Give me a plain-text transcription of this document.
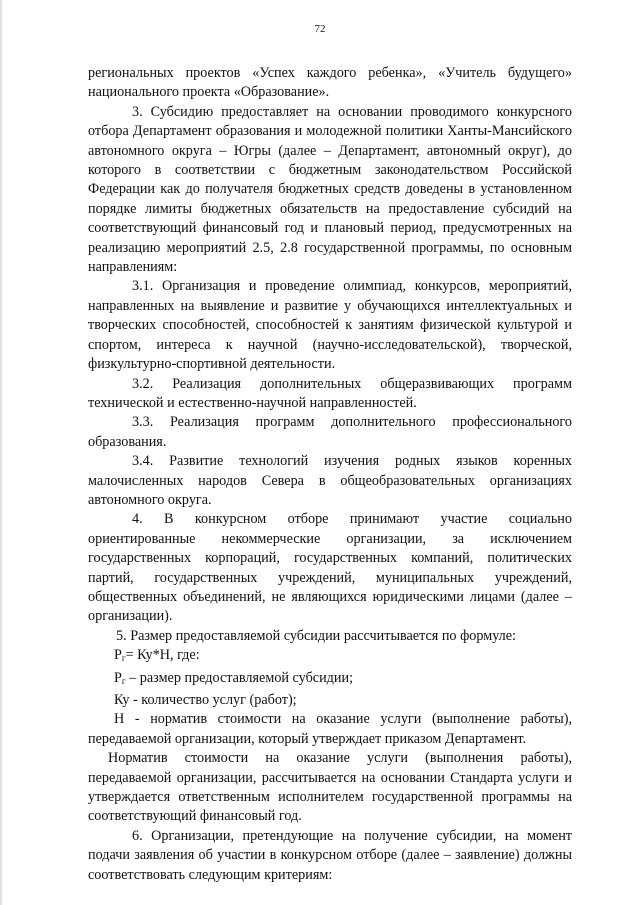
72

региональных проектов «Успех каждого ребенка», «Учитель будущего» национального проекта «Образование».

3. Субсидию предоставляет на основании проводимого конкурсного отбора Департамент образования и молодежной политики Ханты-Мансийского автономного округа – Югры (далее – Департамент, автономный округ), до которого в соответствии с бюджетным законодательством Российской Федерации как до получателя бюджетных средств доведены в установленном порядке лимиты бюджетных обязательств на предоставление субсидий на соответствующий финансовый год и плановый период, предусмотренных на реализацию мероприятий 2.5, 2.8 государственной программы, по основным направлениям:

3.1. Организация и проведение олимпиад, конкурсов, мероприятий, направленных на выявление и развитие у обучающихся интеллектуальных и творческих способностей, способностей к занятиям физической культурой и спортом, интереса к научной (научно-исследовательской), творческой, физкультурно-спортивной деятельности.

3.2. Реализация дополнительных общеразвивающих программ технической и естественно-научной направленностей.

3.3. Реализация программ дополнительного профессионального образования.

3.4. Развитие технологий изучения родных языков коренных малочисленных народов Севера в общеобразовательных организациях автономного округа.

4. В конкурсном отборе принимают участие социально ориентированные некоммерческие организации, за исключением государственных корпораций, государственных компаний, политических партий, государственных учреждений, муниципальных учреждений, общественных объединений, не являющихся юридическими лицами (далее – организации).

5. Размер предоставляемой субсидии рассчитывается по формуле:

$Р_г= Ку*Н$, где:

$Р_г$ – размер предоставляемой субсидии;

Ку - количество услуг (работ);

Н - норматив стоимости на оказание услуги (выполнение работы), передаваемой организации, который утверждает приказом Департамент.

Норматив стоимости на оказание услуги (выполнения работы), передаваемой организации, рассчитывается на основании Стандарта услуги и утверждается ответственным исполнителем государственной программы на соответствующий финансовый год.

6. Организации, претендующие на получение субсидии, на момент подачи заявления об участии в конкурсном отборе (далее – заявление) должны соответствовать следующим критериям:
